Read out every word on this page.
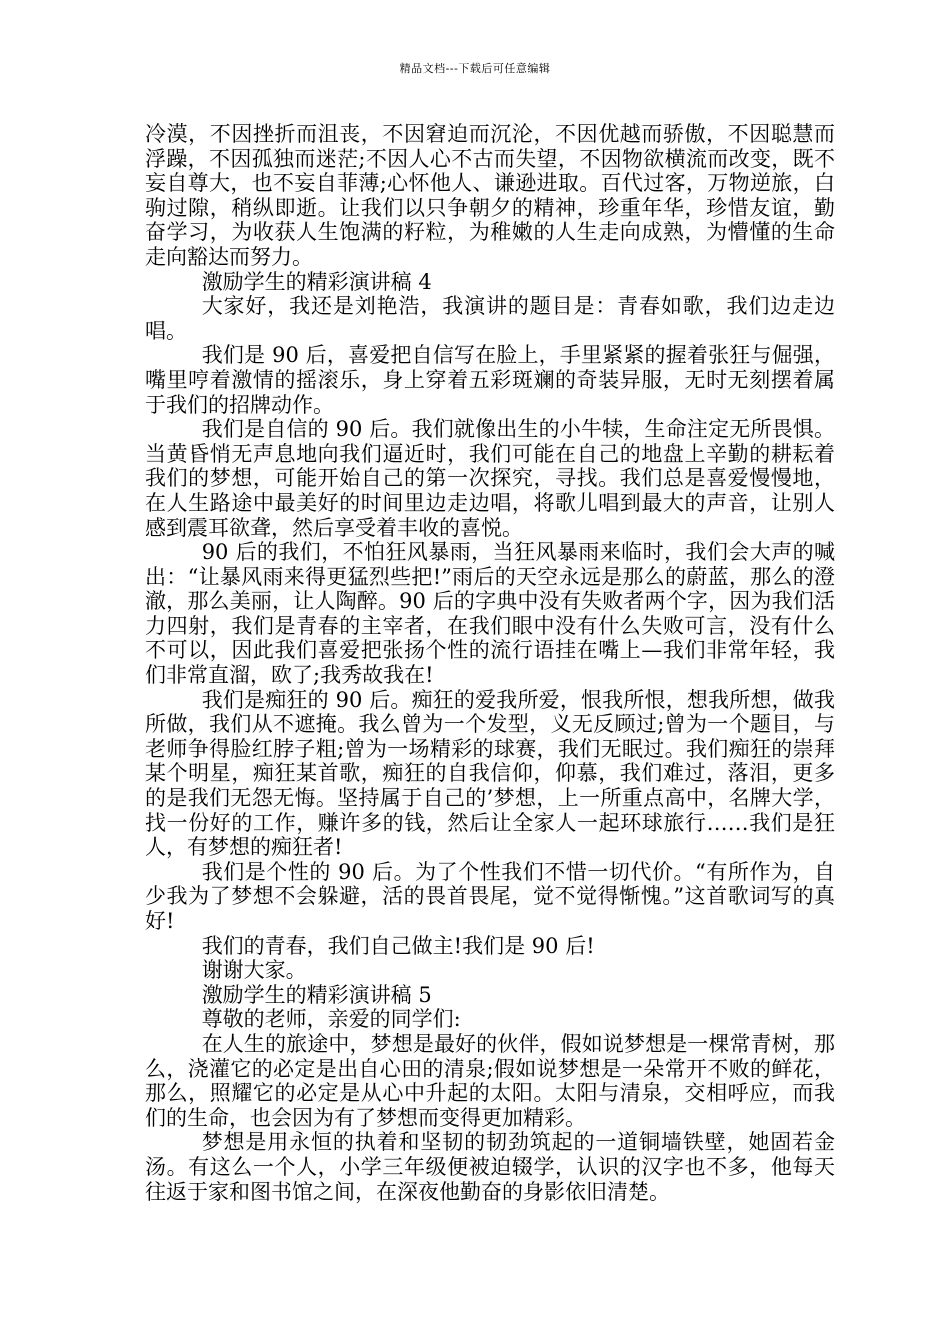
精品文档---下载后可任意编辑

冷漠，不因挫折而沮丧，不因窘迫而沉沦，不因优越而骄傲，不因聪慧而浮躁，不因孤独而迷茫;不因人心不古而失望，不因物欲横流而改变，既不妄自尊大，也不妄自菲薄;心怀他人、谦逊进取。百代过客，万物逆旅，白驹过隙，稍纵即逝。让我们以只争朝夕的精神，珍重年华，珍惜友谊，勤奋学习，为收获人生饱满的籽粒，为稚嫩的人生走向成熟，为懵懂的生命走向豁达而努力。

激励学生的精彩演讲稿 4

大家好，我还是刘艳浩，我演讲的题目是：青春如歌，我们边走边唱。

我们是 90 后，喜爱把自信写在脸上，手里紧紧的握着张狂与倔强，嘴里哼着激情的摇滚乐，身上穿着五彩斑斓的奇装异服，无时无刻摆着属于我们的招牌动作。

我们是自信的 90 后。我们就像出生的小牛犊，生命注定无所畏惧。当黄昏悄无声息地向我们逼近时，我们可能在自己的地盘上辛勤的耕耘着我们的梦想，可能开始自己的第一次探究，寻找。我们总是喜爱慢慢地，在人生路途中最美好的时间里边走边唱，将歌儿唱到最大的声音，让别人感到震耳欲聋，然后享受着丰收的喜悦。

90 后的我们，不怕狂风暴雨，当狂风暴雨来临时，我们会大声的喊出：“让暴风雨来得更猛烈些把!”雨后的天空永远是那么的蔚蓝，那么的澄澈，那么美丽，让人陶醉。90 后的字典中没有失败者两个字，因为我们活力四射，我们是青春的主宰者，在我们眼中没有什么失败可言，没有什么不可以，因此我们喜爱把张扬个性的流行语挂在嘴上—我们非常年轻，我们非常直溜，欧了;我秀故我在!

我们是痴狂的 90 后。痴狂的爱我所爱，恨我所恨，想我所想，做我所做，我们从不遮掩。我么曾为一个发型，义无反顾过;曾为一个题目，与老师争得脸红脖子粗;曾为一场精彩的球赛，我们无眠过。我们痴狂的崇拜某个明星，痴狂某首歌，痴狂的自我信仰，仰慕，我们难过，落泪，更多的是我们无怨无悔。坚持属于自己的’梦想，上一所重点高中，名牌大学，找一份好的工作，赚许多的钱，然后让全家人一起环球旅行……我们是狂人，有梦想的痴狂者!

我们是个性的 90 后。为了个性我们不惜一切代价。“有所作为，自少我为了梦想不会躲避，活的畏首畏尾，觉不觉得惭愧。”这首歌词写的真好!

我们的青春，我们自己做主!我们是 90 后!

谢谢大家。

激励学生的精彩演讲稿 5

尊敬的老师，亲爱的同学们:

在人生的旅途中，梦想是最好的伙伴，假如说梦想是一棵常青树，那么，浇灌它的必定是出自心田的清泉;假如说梦想是一朵常开不败的鲜花，那么，照耀它的必定是从心中升起的太阳。太阳与清泉，交相呼应，而我们的生命，也会因为有了梦想而变得更加精彩。

梦想是用永恒的执着和坚韧的韧劲筑起的一道铜墙铁壁，她固若金汤。有这么一个人，小学三年级便被迫辍学，认识的汉字也不多，他每天往返于家和图书馆之间，在深夜他勤奋的身影依旧清楚。
